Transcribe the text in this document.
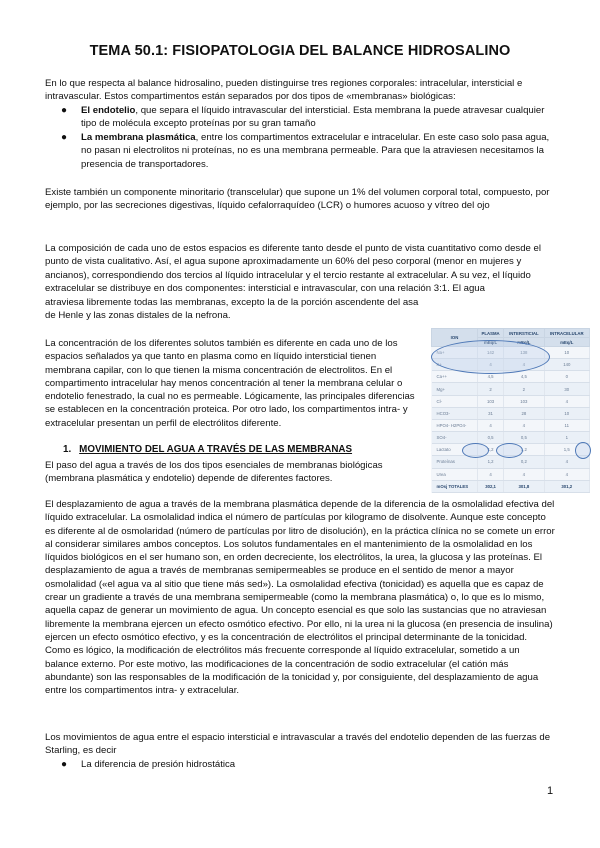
TEMA 50.1: FISIOPATOLOGIA DEL BALANCE HIDROSALINO

En lo que respecta al balance hidrosalino, pueden distinguirse tres regiones corporales: intracelular, intersticial e intravascular. Estos compartimentos están separados por dos tipos de «membranas» biológicas:

●	El endotelio, que separa el líquido intravascular del intersticial. Esta membrana la puede atravesar cualquier tipo de molécula excepto proteínas por su gran tamaño

●	La membrana plasmática, entre los compartimentos extracelular e intracelular. En este caso solo pasa agua, no pasan ni electrolitos ni proteínas, no es una membrana permeable. Para que la atraviesen necesitamos la presencia de transportadores.

Existe también un componente minoritario (transcelular) que supone un 1% del volumen corporal total, compuesto, por ejemplo, por las secreciones digestivas, líquido cefalorraquídeo (LCR) o humores acuoso y vítreo del ojo

La composición de cada uno de estos espacios es diferente tanto desde el punto de vista cuantitativo como desde el punto de vista cualitativo. Así, el agua supone aproximadamente un 60% del peso corporal (menor en mujeres y ancianos), correspondiendo dos tercios al líquido intracelular y el tercio restante al extracelular. A su vez, el líquido extracelular se distribuye en dos componentes: intersticial e intravascular, con una relación 3:1. El agua

atraviesa libremente todas las membranas, excepto la de la porción ascendente del asa de Henle y las zonas distales de la nefrona.

La concentración de los diferentes solutos también es diferente en cada uno de los espacios señalados ya que tanto en plasma como en líquido intersticial tienen membrana capilar, con lo que tienen la misma concentración de electrolitos. En el compartimento intracelular hay menos concentración al tener la membrana celular o endotelio fenestrado, la cual no es permeable. Lógicamente, las principales diferencias se establecen en la concentración proteica. Por otro lado, los compartimentos intra- y extracelular presentan un perfil de electrólitos diferente.

1. MOVIMIENTO DEL AGUA A TRAVÉS DE LAS MEMBRANAS

El paso del agua a través de los dos tipos esenciales de membranas biológicas (membrana plasmática y endotelio) depende de diferentes factores.

El desplazamiento de agua a través de la membrana plasmática depende de la diferencia de la osmolalidad efectiva del líquido extracelular. La osmolalidad indica el número de partículas por kilogramo de disolvente. Aunque este concepto es diferente al de osmolaridad (número de partículas por litro de disolución), en la práctica clínica no se comete un error al considerar similares ambos conceptos. Los solutos fundamentales en el mantenimiento de la osmolalidad en los líquidos biológicos en el ser humano son, en orden decreciente, los electrólitos, la urea, la glucosa y las proteínas. El desplazamiento de agua a través de membranas semipermeables se produce en el sentido de menor a mayor osmolalidad («el agua va al sitio que tiene más sed»). La osmolalidad efectiva (tonicidad) es aquella que es capaz de crear un gradiente a través de una membrana semipermeable (como la membrana plasmática) o, lo que es lo mismo, aquella capaz de generar un movimiento de agua. Un concepto esencial es que solo las sustancias que no atraviesan libremente la membrana ejercen un efecto osmótico efectivo. Por ello, ni la urea ni la glucosa (en presencia de insulina) ejercen un efecto osmótico efectivo, y es la concentración de electrólitos el principal determinante de la tonicidad. Como es lógico, la modificación de electrólitos más frecuente corresponde al líquido extracelular, sometido a un balance externo. Por este motivo, las modificaciones de la concentración de sodio extracelular (el catión más abundante) son las responsables de la modificación de la tonicidad y, por consiguiente, del desplazamiento de agua entre los compartimentos intra- y extracelular.

Los movimientos de agua entre el espacio intersticial e intravascular a través del endotelio dependen de las fuerzas de Starling, es decir

●	La diferencia de presión hidrostática

ION	PLASMA	INTERSTICIAL	INTRACELULAR
	mEq/L	mEq/L	mEq/L
Na+	142	138	10
K+	4	4	140
Ca++	4,5	4,5	0
Mg+	2	2	30
Cl-	103	103	4
HCO3-	31	28	10
HPO4- H2PO4-	4	4	11
SO4-	0,5	0,5	1
Lactato	1,2	1,2	1,5
Proteínas	1,2	0,2	4
Urea	4	4	4
mOsj TOTALES	302,1	301,8	301,2
1
